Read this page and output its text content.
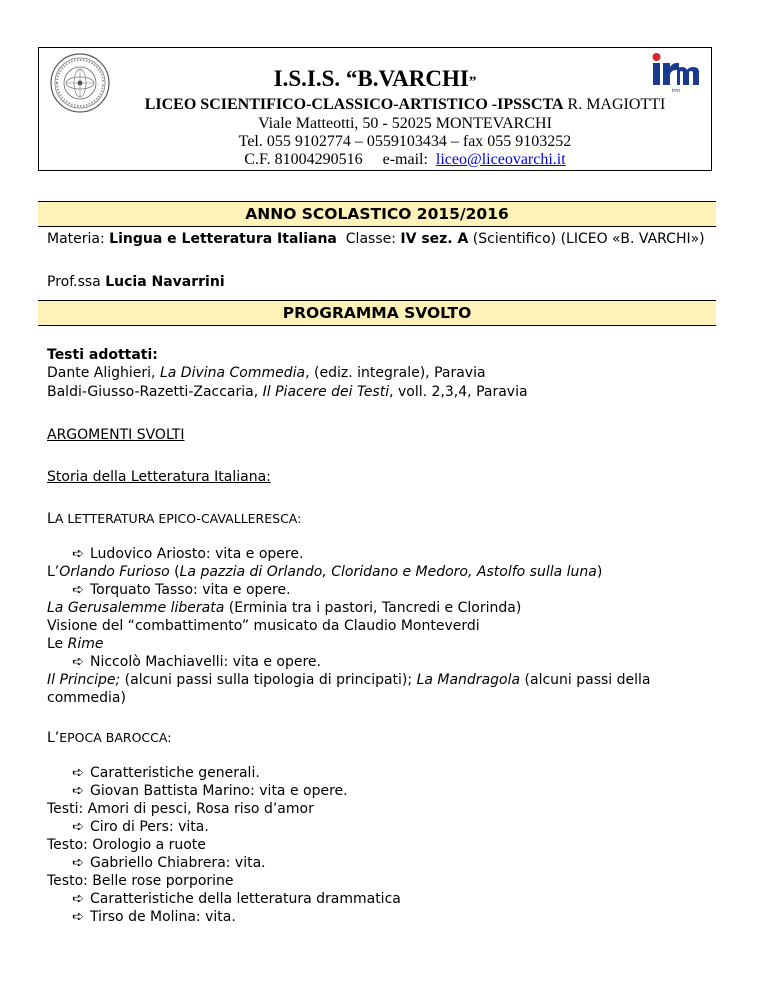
irm
I.S.I.S. “B.VARCHI”
LICEO SCIENTIFICO-CLASSICO-ARTISTICO -IPSSCTA R. MAGIOTTI
Viale Matteotti, 50 - 52025 MONTEVARCHI
Tel. 055 9102774 – 0559103434 – fax 055 9103252
C.F. 81004290516 e-mail: liceo@liceovarchi.it
ANNO SCOLASTICO 2015/2016
Materia: Lingua e Letteratura Italiana Classe: IV sez. A (Scientifico) (LICEO «B. VARCHI»)
Prof.ssa Lucia Navarrini
PROGRAMMA SVOLTO
Testi adottati:
Dante Alighieri, La Divina Commedia, (ediz. integrale), Paravia
Baldi-Giusso-Razetti-Zaccaria, Il Piacere dei Testi, voll. 2,3,4, Paravia
ARGOMENTI SVOLTI
Storia della Letteratura Italiana:
LA LETTERATURA EPICO-CAVALLERESCA:
➪ Ludovico Ariosto: vita e opere.
L’Orlando Furioso (La pazzia di Orlando, Cloridano e Medoro, Astolfo sulla luna)
➪ Torquato Tasso: vita e opere.
La Gerusalemme liberata (Erminia tra i pastori, Tancredi e Clorinda)
Visione del “combattimento” musicato da Claudio Monteverdi
Le Rime
➪ Niccolò Machiavelli: vita e opere.
Il Principe; (alcuni passi sulla tipologia di principati); La Mandragola (alcuni passi della
commedia)
L’EPOCA BAROCCA:
➪ Caratteristiche generali.
➪ Giovan Battista Marino: vita e opere.
Testi: Amori di pesci, Rosa riso d’amor
➪ Ciro di Pers: vita.
Testo: Orologio a ruote
➪ Gabriello Chiabrera: vita.
Testo: Belle rose porporine
➪ Caratteristiche della letteratura drammatica
➪ Tirso de Molina: vita.
